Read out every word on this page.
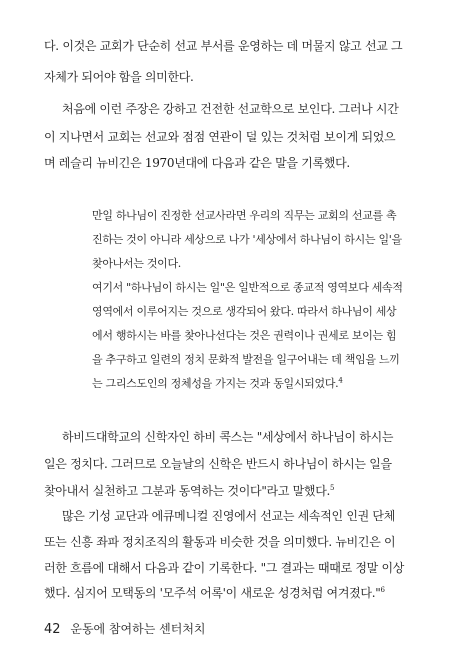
다. 이것은 교회가 단순히 선교 부서를 운영하는 데 머물지 않고 선교 그

자체가 되어야 함을 의미한다.

처음에 이런 주장은 강하고 건전한 선교학으로 보인다. 그러나 시간

이 지나면서 교회는 선교와 점점 연관이 덜 있는 것처럼 보이게 되었으

며 레슬리 뉴비긴은 1970년대에 다음과 같은 말을 기록했다.

만일 하나님이 진정한 선교사라면 우리의 직무는 교회의 선교를 촉

진하는 것이 아니라 세상으로 나가 '세상에서 하나님이 하시는 일'을

찾아나서는 것이다.

여기서 "하나님이 하시는 일"은 일반적으로 종교적 영역보다 세속적

영역에서 이루어지는 것으로 생각되어 왔다. 따라서 하나님이 세상

에서 행하시는 바를 찾아나선다는 것은 권력이나 권세로 보이는 힘

을 추구하고 일련의 정치 문화적 발전을 일구어내는 데 책임을 느끼

는 그리스도인의 정체성을 가지는 것과 동일시되었다.$^4$

하비드대학교의 신학자인 하비 콕스는 "세상에서 하나님이 하시는

일은 정치다. 그러므로 오늘날의 신학은 반드시 하나님이 하시는 일을

찾아내서 실천하고 그분과 동역하는 것이다"라고 말했다.$^5$

많은 기성 교단과 에큐메니컬 진영에서 선교는 세속적인 인권 단체

또는 신흥 좌파 정치조직의 활동과 비슷한 것을 의미했다. 뉴비긴은 이

러한 흐름에 대해서 다음과 같이 기록한다. "그 결과는 때때로 정말 이상

했다. 심지어 모택동의 '모주석 어록'이 새로운 성경처럼 여겨졌다."$^6$

42 운동에 참여하는 센터처치
